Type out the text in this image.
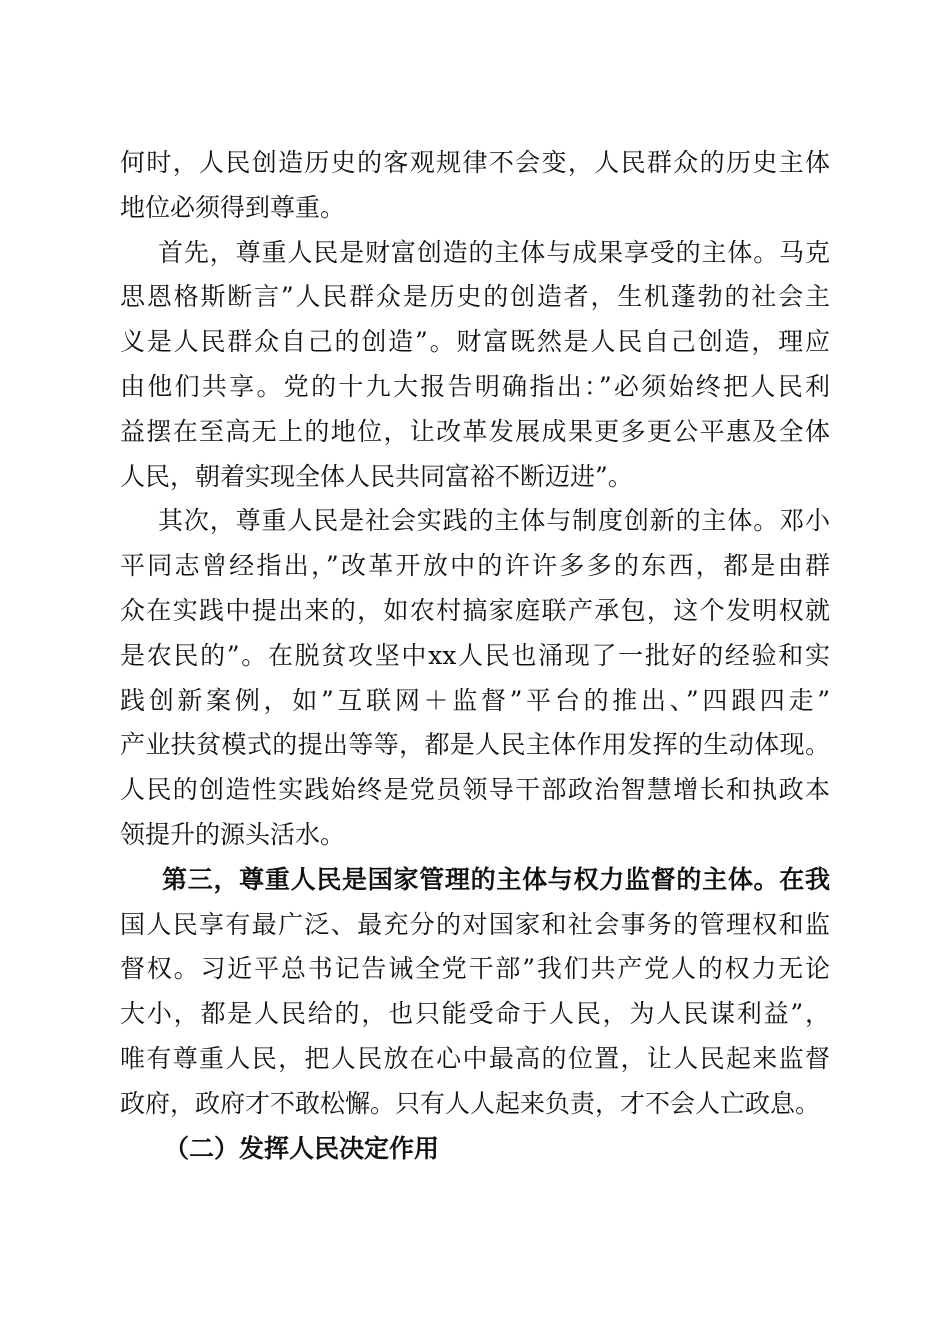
何时，人民创造历史的客观规律不会变，人民群众的历史主体
地位必须得到尊重。
首先，尊重人民是财富创造的主体与成果享受的主体。马克
思恩格斯断言”人民群众是历史的创造者，生机蓬勃的社会主
义是人民群众自己的创造”。财富既然是人民自己创造，理应
由他们共享。党的十九大报告明确指出：”必须始终把人民利
益摆在至高无上的地位，让改革发展成果更多更公平惠及全体
人民，朝着实现全体人民共同富裕不断迈进”。
其次，尊重人民是社会实践的主体与制度创新的主体。邓小
平同志曾经指出，”改革开放中的许许多多的东西，都是由群
众在实践中提出来的，如农村搞家庭联产承包，这个发明权就
是农民的”。在脱贫攻坚中xx人民也涌现了一批好的经验和实
践创新案例，如”互联网＋监督”平台的推出、”四跟四走”
产业扶贫模式的提出等等，都是人民主体作用发挥的生动体现。
人民的创造性实践始终是党员领导干部政治智慧增长和执政本
领提升的源头活水。
第三，尊重人民是国家管理的主体与权力监督的主体。在我
国人民享有最广泛、最充分的对国家和社会事务的管理权和监
督权。习近平总书记告诫全党干部”我们共产党人的权力无论
大小，都是人民给的，也只能受命于人民，为人民谋利益”，
唯有尊重人民，把人民放在心中最高的位置，让人民起来监督
政府，政府才不敢松懈。只有人人起来负责，才不会人亡政息。
（二）发挥人民决定作用
